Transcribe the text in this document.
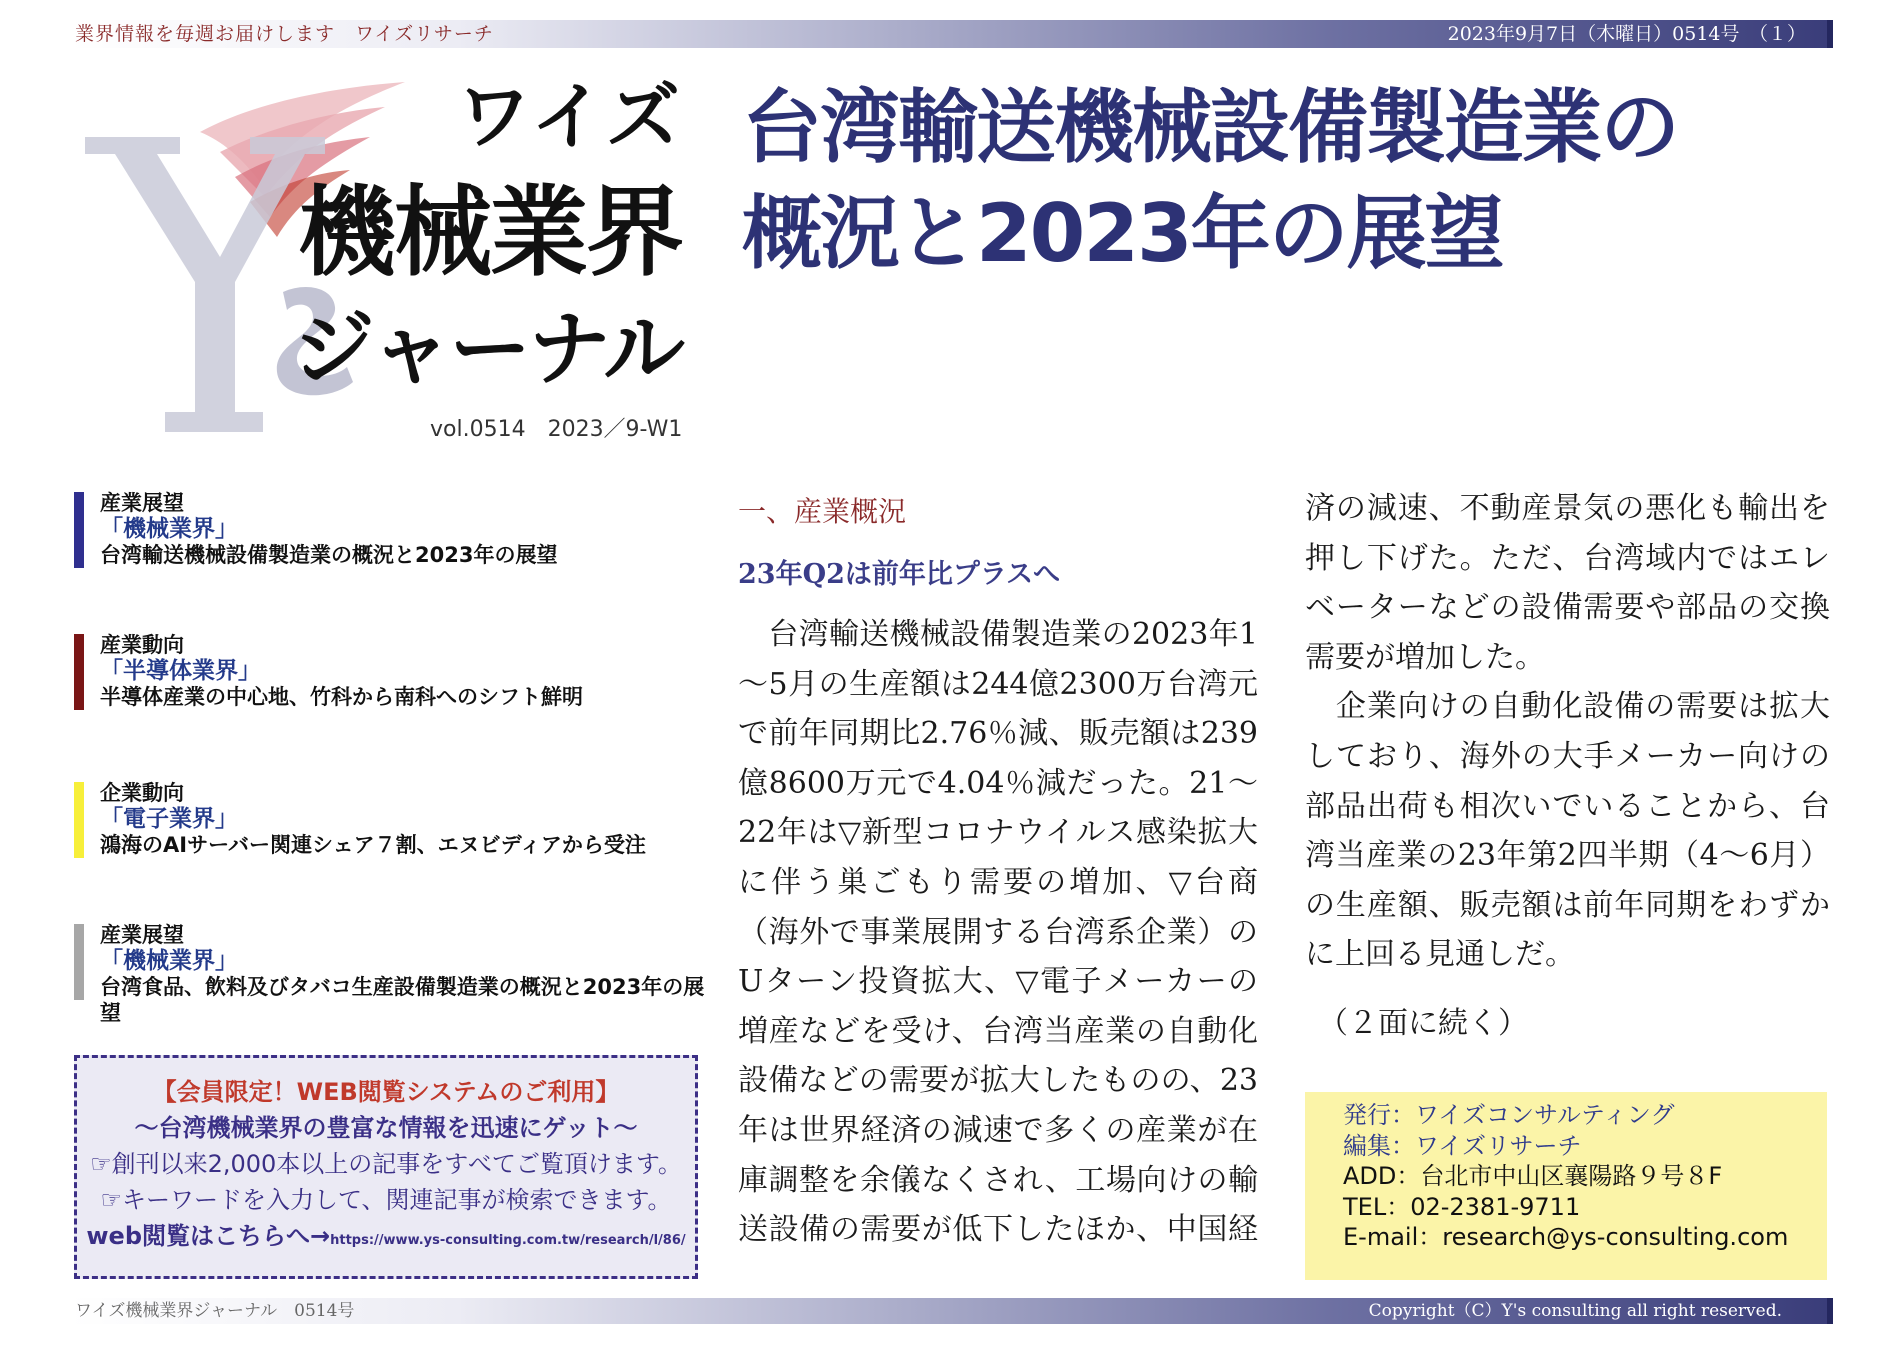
業界情報を毎週お届けします　ワイズリサーチ	2023年9月7日（木曜日）0514号　（１）
ワイズ
機械業界
ジャーナル
vol.0514　2023／9-W1
台湾輸送機械設備製造業の
概況と2023年の展望
産業展望
「機械業界」
台湾輸送機械設備製造業の概況と2023年の展望
産業動向
「半導体業界」
半導体産業の中心地、竹科から南科へのシフト鮮明
企業動向
「電子業界」
鴻海のAIサーバー関連シェア７割、エヌビディアから受注
産業展望
「機械業界」
台湾食品、飲料及びタバコ生産設備製造業の概況と2023年の展望
【会員限定！WEB閲覧システムのご利用】
〜台湾機械業界の豊富な情報を迅速にゲット〜
☞創刊以来2,000本以上の記事をすべてご覧頂けます。
☞キーワードを入力して、関連記事が検索できます。
web閲覧はこちらへ→https://www.ys-consulting.com.tw/research/l/86/
一、産業概況
23年Q2は前年比プラスへ
　台湾輸送機械設備製造業の2023年1
〜5月の生産額は244億2300万台湾元
で前年同期比2.76％減、販売額は239
億8600万元で4.04％減だった。21〜
22年は▽新型コロナウイルス感染拡大
に伴う巣ごもり需要の増加、▽台商
（海外で事業展開する台湾系企業）の
Uターン投資拡大、▽電子メーカーの
増産などを受け、台湾当産業の自動化
設備などの需要が拡大したものの、23
年は世界経済の減速で多くの産業が在
庫調整を余儀なくされ、工場向けの輸
送設備の需要が低下したほか、中国経
済の減速、不動産景気の悪化も輸出を
押し下げた。ただ、台湾域内ではエレ
ベーターなどの設備需要や部品の交換
需要が増加した。
　企業向けの自動化設備の需要は拡大
しており、海外の大手メーカー向けの
部品出荷も相次いでいることから、台
湾当産業の23年第2四半期（4〜6月）
の生産額、販売額は前年同期をわずか
に上回る見通しだ。
（２面に続く）
発行：ワイズコンサルティング
編集：ワイズリサーチ
ADD：台北市中山区襄陽路９号８F
TEL：02-2381-9711
E-mail：research@ys-consulting.com
ワイズ機械業界ジャーナル　0514号	Copyright（C）Y's consulting all right reserved.
